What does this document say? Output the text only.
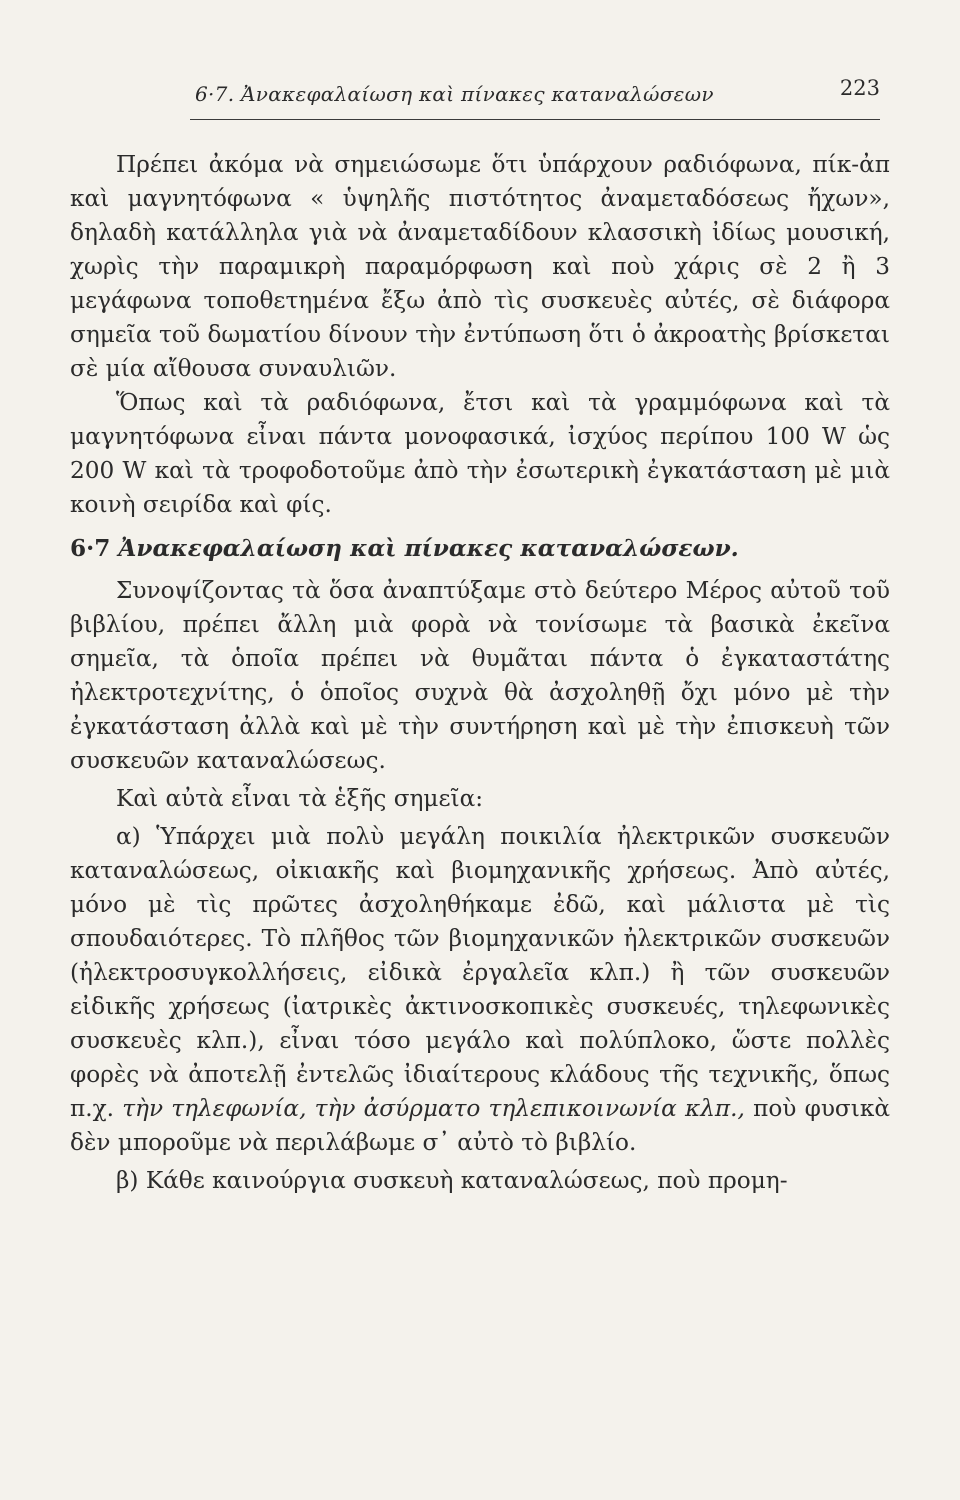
6·7. Ἀνακεφαλαίωση καὶ πίνακες καταναλώσεων	223

Πρέπει ἀκόμα νὰ σημειώσωμε ὅτι ὑπάρχουν ραδιόφωνα, πίκ-ἀπ καὶ μαγνητόφωνα « ὑψηλῆς πιστότητος ἀναμεταδόσεως ἤχων», δηλαδὴ κατάλληλα γιὰ νὰ ἀναμεταδίδουν κλασσικὴ ἰδίως μουσική, χωρὶς τὴν παραμικρὴ παραμόρφωση καὶ ποὺ χάρις σὲ 2 ἢ 3 μεγάφωνα τοποθετημένα ἔξω ἀπὸ τὶς συσκευὲς αὐτές, σὲ διάφορα σημεῖα τοῦ δωματίου δίνουν τὴν ἐντύπωση ὅτι ὁ ἀκροατὴς βρίσκεται σὲ μία αἴθουσα συναυλιῶν.

Ὅπως καὶ τὰ ραδιόφωνα, ἔτσι καὶ τὰ γραμμόφωνα καὶ τὰ μαγνητόφωνα εἶναι πάντα μονοφασικά, ἰσχύος περίπου 100 W ὡς 200 W καὶ τὰ τροφοδοτοῦμε ἀπὸ τὴν ἐσωτερικὴ ἐγκατάσταση μὲ μιὰ κοινὴ σειρίδα καὶ φίς.

6·7 Ἀνακεφαλαίωση καὶ πίνακες καταναλώσεων.

Συνοψίζοντας τὰ ὅσα ἀναπτύξαμε στὸ δεύτερο Μέρος αὐτοῦ τοῦ βιβλίου, πρέπει ἄλλη μιὰ φορὰ νὰ τονίσωμε τὰ βασικὰ ἐκεῖνα σημεῖα, τὰ ὁποῖα πρέπει νὰ θυμᾶται πάντα ὁ ἐγκαταστάτης ἠλεκτροτεχνίτης, ὁ ὁποῖος συχνὰ θὰ ἀσχοληθῇ ὄχι μόνο μὲ τὴν ἐγκατάσταση ἀλλὰ καὶ μὲ τὴν συντήρηση καὶ μὲ τὴν ἐπισκευὴ τῶν συσκευῶν καταναλώσεως.

Καὶ αὐτὰ εἶναι τὰ ἑξῆς σημεῖα:

α) Ὑπάρχει μιὰ πολὺ μεγάλη ποικιλία ἠλεκτρικῶν συσκευῶν καταναλώσεως, οἰκιακῆς καὶ βιομηχανικῆς χρήσεως. Ἀπὸ αὐτές, μόνο μὲ τὶς πρῶτες ἀσχοληθήκαμε ἐδῶ, καὶ μάλιστα μὲ τὶς σπουδαιότερες. Τὸ πλῆθος τῶν βιομηχανικῶν ἠλεκτρικῶν συσκευῶν (ἠλεκτροσυγκολλήσεις, εἰδικὰ ἐργαλεῖα κλπ.) ἢ τῶν συσκευῶν εἰδικῆς χρήσεως (ἰατρικὲς ἀκτινοσκοπικὲς συσκευές, τηλεφωνικὲς συσκευὲς κλπ.), εἶναι τόσο μεγάλο καὶ πολύπλοκο, ὥστε πολλὲς φορὲς νὰ ἀποτελῇ ἐντελῶς ἰδιαίτερους κλάδους τῆς τεχνικῆς, ὅπως π.χ. τὴν τηλεφωνία, τὴν ἀσύρματο τηλεπικοινωνία κλπ., ποὺ φυσικὰ δὲν μποροῦμε νὰ περιλάβωμε σ᾽ αὐτὸ τὸ βιβλίο.

β) Κάθε καινούργια συσκευὴ καταναλώσεως, ποὺ προμη-
